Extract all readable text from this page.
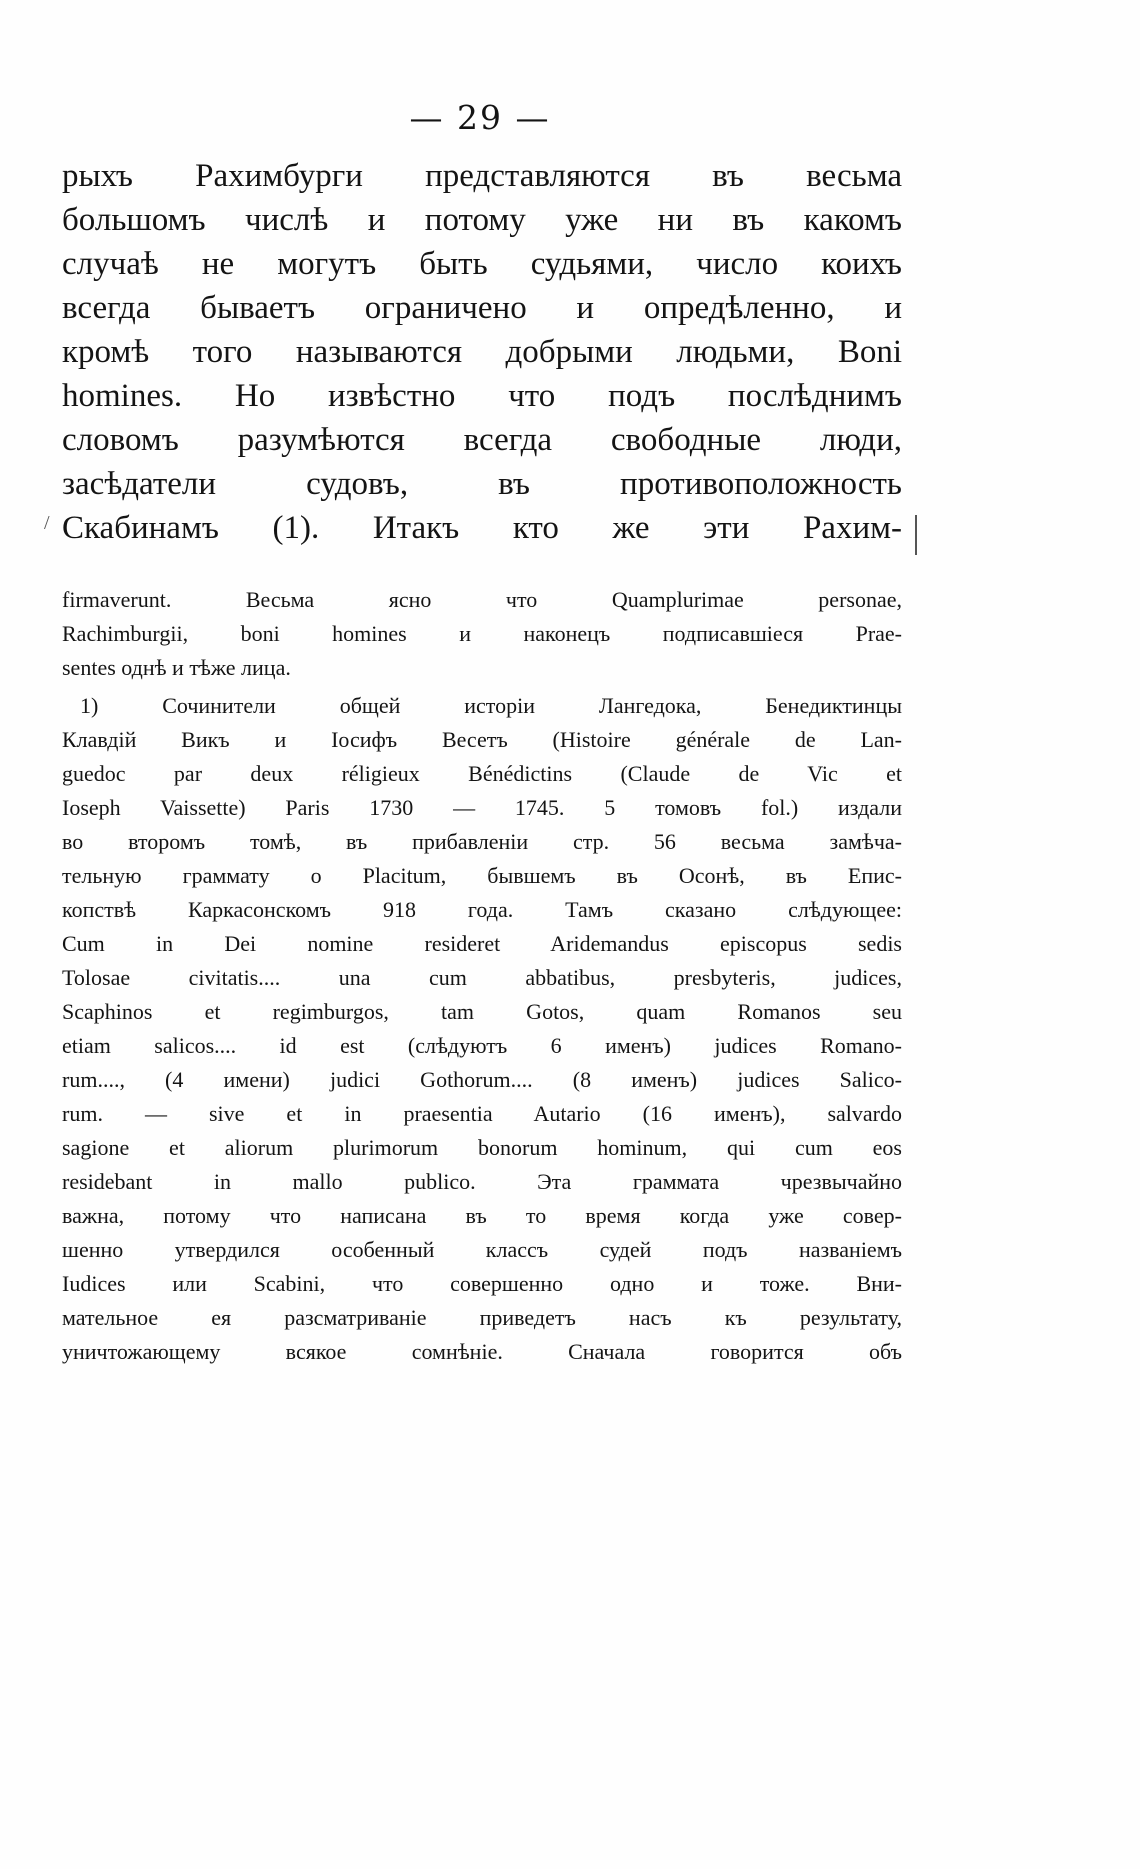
— 29 —
рыхъ Рахимбурги представляются въ весьма
большомъ числѣ и потому уже ни въ какомъ
случаѣ не могутъ быть судьями, число коихъ
всегда бываетъ ограничено и опредѣленно, и
кромѣ того называются добрыми людьми, Boni
homines. Но извѣстно что подъ послѣднимъ
словомъ разумѣются всегда свободные люди,
засѣдатели судовъ, въ противоположность
Скабинамъ (1). Итакъ кто же эти Рахим-
/
firmaverunt. Весьма ясно что Quamplurimae personae,
Rachimburgii, boni homines и наконецъ подписавшіеся Prae-
sentes однѣ и тѣже лица.
1) Сочинители общей исторіи Лангедока, Бенедиктинцы
Клавдій Викъ и Іосифъ Весетъ (Histoire générale de Lan-
guedoc par deux réligieux Bénédictins (Claude de Vic et
Ioseph Vaissette) Paris 1730 — 1745. 5 томовъ fol.) издали
во второмъ томѣ, въ прибавленіи стр. 56 весьма замѣча-
тельную граммату о Placitum, бывшемъ въ Осонѣ, въ Епис-
копствѣ Каркасонскомъ 918 года. Тамъ сказано слѣдующее:
Cum in Dei nomine resideret Aridemandus episcopus sedis
Tolosae civitatis.... una cum abbatibus, presbyteris, judices,
Scaphinos et regimburgos, tam Gotos, quam Romanos seu
etiam salicos.... id est (слѣдуютъ 6 именъ) judices Romano-
rum...., (4 имени) judici Gothorum.... (8 именъ) judices Salico-
rum. — sive et in praesentia Autario (16 именъ), salvardo
sagione et aliorum plurimorum bonorum hominum, qui cum eos
residebant in mallo publico. Эта граммата чрезвычайно
важна, потому что написана въ то время когда уже совер-
шенно утвердился особенный классъ судей подъ названіемъ
Iudices или Scabini, что совершенно одно и тоже. Вни-
мательное ея разсматриваніе приведетъ насъ къ результату,
уничтожающему всякое сомнѣніе. Сначала говорится объ
